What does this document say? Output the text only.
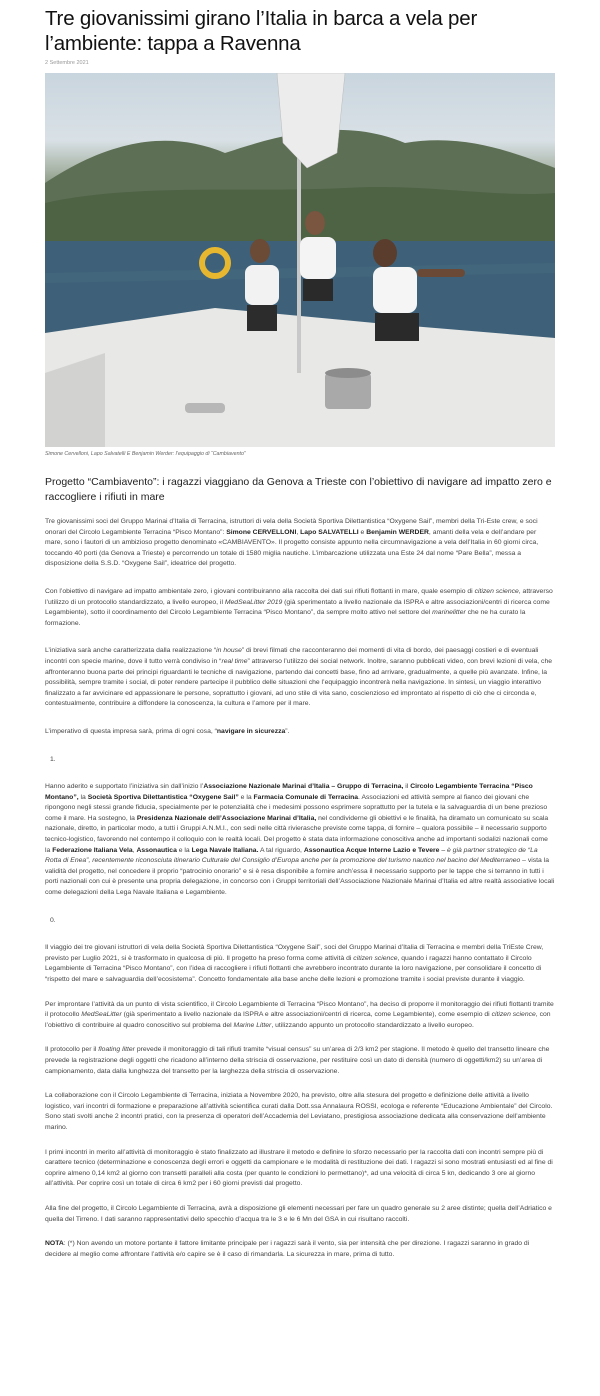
Tre giovanissimi girano l’Italia in barca a vela per l’ambiente: tappa a Ravenna
2 Settembre 2021
Simone Cervelloni, Lapo Salvatelli E Benjamin Werder: l’equipaggio di “Cambiavento”
Progetto “Cambiavento”: i ragazzi viaggiano da Genova a Trieste con l’obiettivo di navigare ad impatto zero e raccogliere i rifiuti in mare

Tre giovanissimi soci del Gruppo Marinai d’Italia di Terracina, istruttori di vela della Società Sportiva Dilettantistica “Oxygene Sail”, membri della Tri-Este crew, e soci onorari del Circolo Legambiente Terracina “Pisco Montano”: Simone CERVELLONI, Lapo SALVATELLI e Benjamin WERDER, amanti della vela e dell’andare per mare, sono i fautori di un ambizioso progetto denominato «CAMBIAVENTO». Il progetto consiste appunto nella circumnavigazione a vela dell’Italia in 60 giorni circa, toccando 40 porti (da Genova a Trieste) e percorrendo un totale di 1580 miglia nautiche. L’imbarcazione utilizzata una Este 24 dal nome “Pare Bella”, messa a disposizione della S.S.D. “Oxygene Sail”, ideatrice del progetto.

Con l’obiettivo di navigare ad impatto ambientale zero, i giovani contribuiranno alla raccolta dei dati sui rifiuti flottanti in mare, quale esempio di citizen science, attraverso l’utilizzo di un protocollo standardizzato, a livello europeo, il MedSeaLitter 2019 (già sperimentato a livello nazionale da ISPRA e altre associazioni/centri di ricerca come Legambiente), sotto il coordinamento del Circolo Legambiente Terracina “Pisco Montano”, da sempre molto attivo nel settore del marinelitter che ne ha curato la formazione.

L’iniziativa sarà anche caratterizzata dalla realizzazione “in house” di brevi filmati che racconteranno dei momenti di vita di bordo, dei paesaggi costieri e di eventuali incontri con specie marine, dove il tutto verrà condiviso in “real time” attraverso l’utilizzo dei social network. Inoltre, saranno pubblicati video, con brevi lezioni di vela, che affronteranno buona parte dei principi riguardanti le tecniche di navigazione, partendo dai concetti base, fino ad arrivare, gradualmente, a quelle più avanzate. Infine, la possibilità, sempre tramite i social, di poter rendere partecipe il pubblico delle situazioni che l’equipaggio incontrerà nella navigazione. In sintesi, un viaggio interattivo finalizzato a far avvicinare ed appassionare le persone, soprattutto i giovani, ad uno stile di vita sano, coscienzioso ed improntato al rispetto di ciò che ci circonda e, contestualmente, contribuire a diffondere la conoscenza, la cultura e l’amore per il mare.

L’imperativo di questa impresa sarà, prima di ogni cosa, “navigare in sicurezza”.

1.

Hanno aderito e supportato l’iniziativa sin dall’inizio l’Associazione Nazionale Marinai d’Italia – Gruppo di Terracina, il Circolo Legambiente Terracina “Pisco Montano”, la Società Sportiva Dilettantistica “Oxygene Sail” e la Farmacia Comunale di Terracina. Associazioni ed attività sempre al fianco dei giovani che ripongono negli stessi grande fiducia, specialmente per le potenzialità che i medesimi possono esprimere soprattutto per la tutela e la salvaguardia di un bene prezioso come il mare. Ha sostegno, la Presidenza Nazionale dell’Associazione Marinai d’Italia, nel condividerne gli obiettivi e le finalità, ha diramato un comunicato su scala nazionale, diretto, in particolar modo, a tutti i Gruppi A.N.M.I., con sedi nelle città rivierasche previste come tappa, di fornire – qualora possibile – il necessario supporto tecnico-logistico, favorendo nel contempo il colloquio con le realtà locali. Del progetto è stata data informazione conoscitiva anche ad importanti sodalizi nazionali come la Federazione Italiana Vela, Assonautica e la Lega Navale Italiana. A tal riguardo, Assonautica Acque Interne Lazio e Tevere – è già partner strategico de “La Rotta di Enea”, recentemente riconosciuta itinerario Culturale del Consiglio d’Europa anche per la promozione del turismo nautico nel bacino del Mediterraneo – vista la validità del progetto, nel concedere il proprio “patrocinio onorario” e si è resa disponibile a fornire anch’essa il necessario supporto per le tappe che si terranno in tutti i porti nazionali con cui è presente una propria delegazione, in concorso con i Gruppi territoriali dell’Associazione Nazionale Marinai d’Italia ed altre realtà associative locali come delegazioni della Lega Navale Italiana e Legambiente.

0.

Il viaggio dei tre giovani istruttori di vela della Società Sportiva Dilettantistica “Oxygene Sail”, soci del Gruppo Marinai d’Italia di Terracina e membri della TriEste Crew, previsto per Luglio 2021, si è trasformato in qualcosa di più. Il progetto ha preso forma come attività di citizen science, quando i ragazzi hanno contattato il Circolo Legambiente di Terracina “Pisco Montano”, con l’idea di raccogliere i rifiuti flottanti che avrebbero incontrato durante la loro navigazione, per consolidare il concetto di “rispetto del mare e salvaguardia dell’ecosistema”. Concetto fondamentale alla base anche delle lezioni e promozione tramite i social previste durante il viaggio.

Per improntare l’attività da un punto di vista scientifico, il Circolo Legambiente di Terracina “Pisco Montano”, ha deciso di proporre il monitoraggio dei rifiuti flottanti tramite il protocollo MedSeaLitter (già sperimentato a livello nazionale da ISPRA e altre associazioni/centri di ricerca, come Legambiente), come esempio di citizen science, con l’obiettivo di contribuire al quadro conoscitivo sul problema del Marine Litter, utilizzando appunto un protocollo standardizzato a livello europeo.

Il protocollo per il floating litter prevede il monitoraggio di tali rifiuti tramite “visual census” su un’area di 2/3 km2 per stagione. Il metodo è quello del transetto lineare che prevede la registrazione degli oggetti che ricadono all’interno della striscia di osservazione, per restituire così un dato di densità (numero di oggetti/km2) su un’area di campionamento, data dalla lunghezza del transetto per la larghezza della striscia di osservazione.

La collaborazione con il Circolo Legambiente di Terracina, iniziata a Novembre 2020, ha previsto, oltre alla stesura del progetto e definizione delle attività a livello logistico, vari incontri di formazione e preparazione all’attività scientifica curati dalla Dott.ssa Annalaura ROSSI, ecologa e referente “Educazione Ambientale” del Circolo. Sono stati svolti anche 2 incontri pratici, con la presenza di operatori dell’Accademia del Leviatano, prestigiosa associazione dedicata alla conservazione dell’ambiente marino.

I primi incontri in merito all’attività di monitoraggio è stato finalizzato ad illustrare il metodo e definire lo sforzo necessario per la raccolta dati con incontri sempre più di carattere tecnico (determinazione e conoscenza degli errori e oggetti da campionare e le modalità di restituzione dei dati. I ragazzi si sono mostrati entusiasti ed al fine di coprire almeno 0,14 km2 al giorno con transetti paralleli alla costa (per quanto le condizioni lo permettano)*, ad una velocità di circa 5 kn, dedicando 3 ore al giorno all’attività. Per coprire così un totale di circa 6 km2 per i 60 giorni previsti dal progetto.

Alla fine del progetto, il Circolo Legambiente di Terracina, avrà a disposizione gli elementi necessari per fare un quadro generale su 2 aree distinte; quella dell’Adriatico e quella del Tirreno. I dati saranno rappresentativi dello specchio d’acqua tra le 3 e le 6 Mn del GSA in cui risultano raccolti.

NOTA: (*) Non avendo un motore portante il fattore limitante principale per i ragazzi sarà il vento, sia per intensità che per direzione. I ragazzi saranno in grado di decidere al meglio come affrontare l’attività e/o capire se è il caso di rimandarla. La sicurezza in mare, prima di tutto.
